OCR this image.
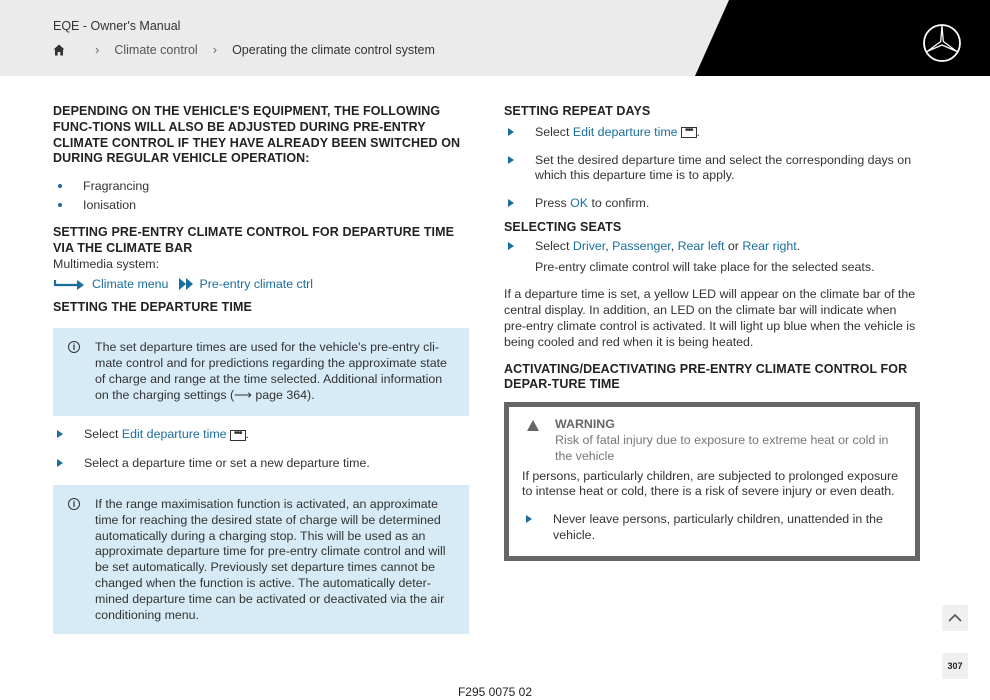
EQE - Owner's Manual
› Climate control › Operating the climate control system
DEPENDING ON THE VEHICLE'S EQUIPMENT, THE FOLLOWING FUNC-TIONS WILL ALSO BE ADJUSTED DURING PRE-ENTRY CLIMATE CONTROL IF THEY HAVE ALREADY BEEN SWITCHED ON DURING REGULAR VEHICLE OPERATION:
Fragrancing
Ionisation
SETTING PRE-ENTRY CLIMATE CONTROL FOR DEPARTURE TIME VIA THE CLIMATE BAR
Multimedia system:
Climate menu	Pre-entry climate ctrl
SETTING THE DEPARTURE TIME
i	The set departure times are used for the vehicle's pre-entry cli-mate control and for predictions regarding the approximate state of charge and range at the time selected. Additional information on the charging settings (⟶ page 364).
Select Edit departure time ••• .
Select a departure time or set a new departure time.
i	If the range maximisation function is activated, an approximate time for reaching the desired state of charge will be determined automatically during a charging stop. This will be used as an approximate departure time for pre-entry climate control and will be set automatically. Previously set departure times cannot be changed when the function is active. The automatically deter-mined departure time can be activated or deactivated via the air conditioning menu.
SETTING REPEAT DAYS
Select Edit departure time ••• .
Set the desired departure time and select the corresponding days on which this departure time is to apply.
Press OK to confirm.
SELECTING SEATS
Select Driver, Passenger, Rear left or Rear right.
Pre-entry climate control will take place for the selected seats.
If a departure time is set, a yellow LED will appear on the climate bar of the central display. In addition, an LED on the climate bar will indicate when pre-entry climate control is activated. It will light up blue when the vehicle is being cooled and red when it is being heated.
ACTIVATING/DEACTIVATING PRE-ENTRY CLIMATE CONTROL FOR DEPAR-TURE TIME
WARNING
Risk of fatal injury due to exposure to extreme heat or cold in the vehicle
If persons, particularly children, are subjected to prolonged exposure to intense heat or cold, there is a risk of severe injury or even death.
Never leave persons, particularly children, unattended in the vehicle.
307
F295 0075 02
